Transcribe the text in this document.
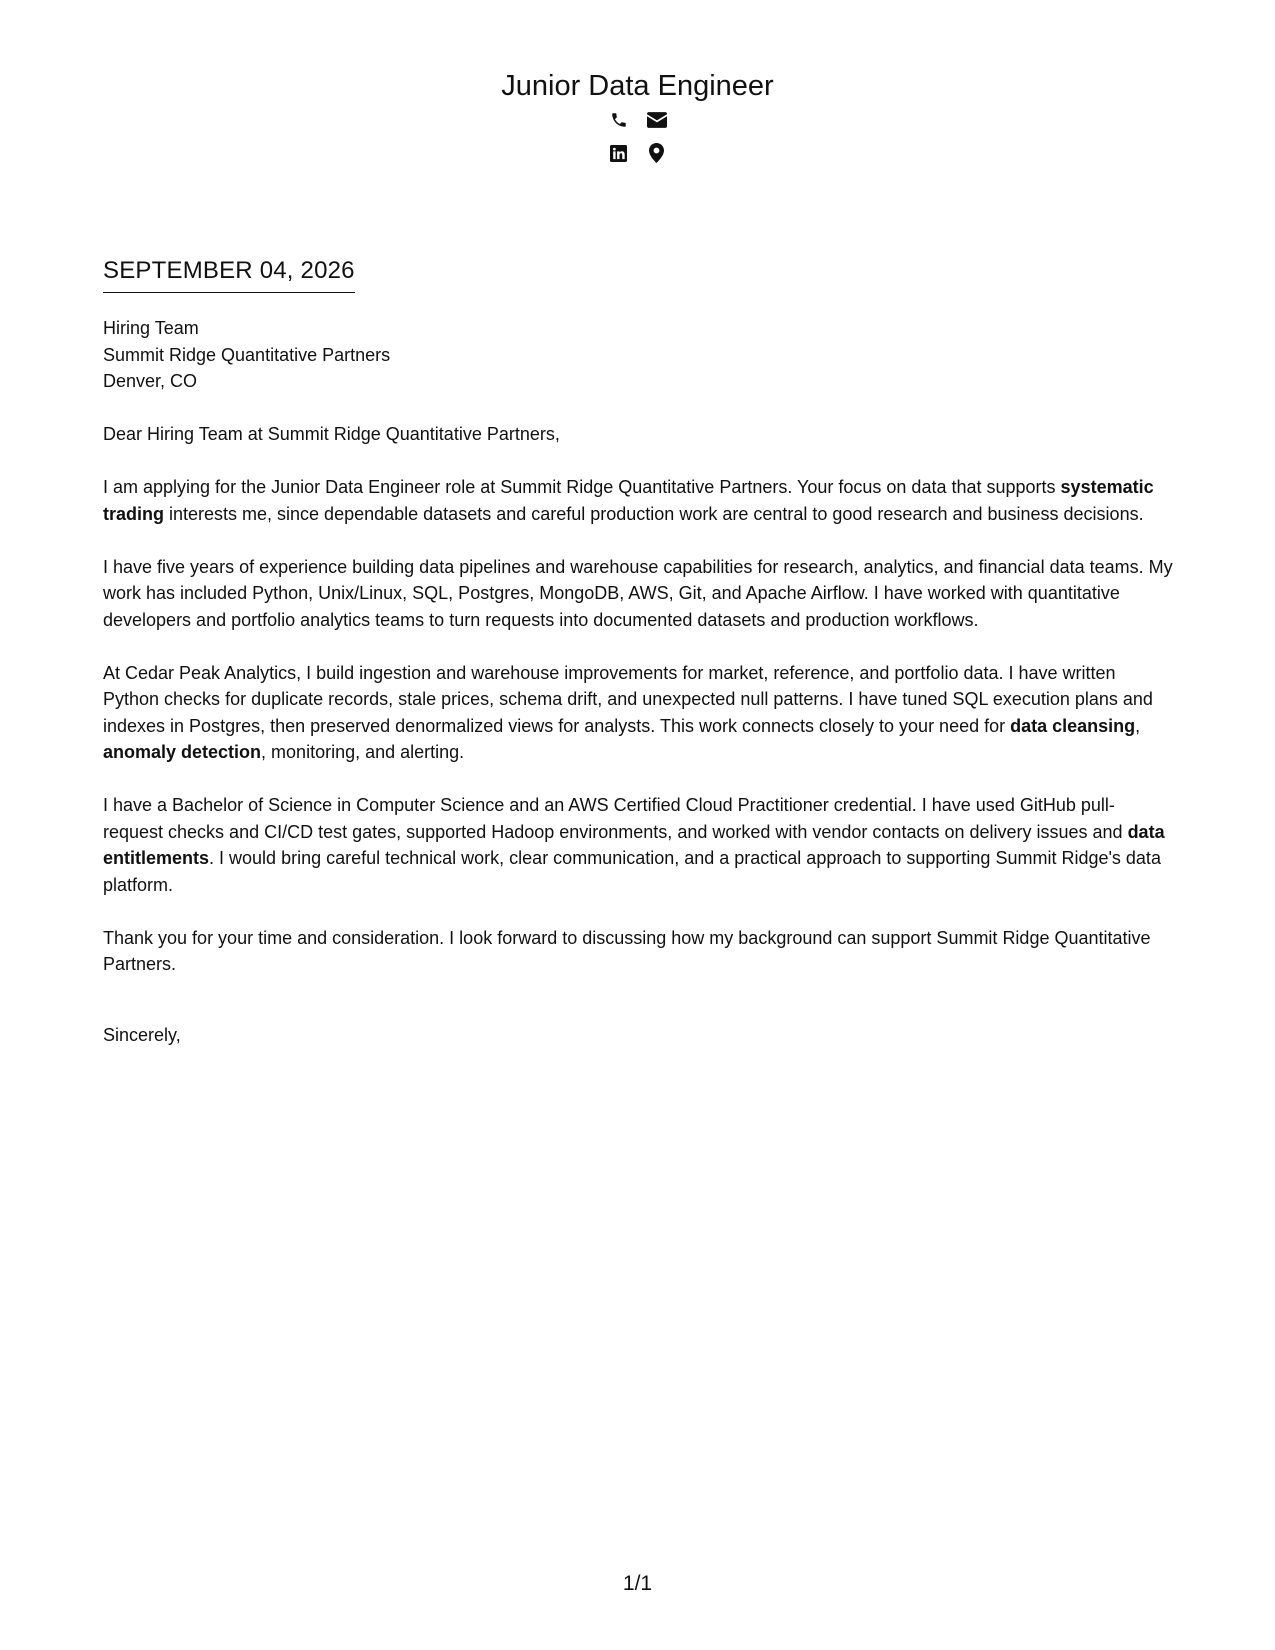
Junior Data Engineer
SEPTEMBER 04, 2026
Hiring Team
Summit Ridge Quantitative Partners
Denver, CO

Dear Hiring Team at Summit Ridge Quantitative Partners,

I am applying for the Junior Data Engineer role at Summit Ridge Quantitative Partners. Your focus on data that supports systematic trading interests me, since dependable datasets and careful production work are central to good research and business decisions.

I have five years of experience building data pipelines and warehouse capabilities for research, analytics, and financial data teams. My work has included Python, Unix/Linux, SQL, Postgres, MongoDB, AWS, Git, and Apache Airflow. I have worked with quantitative developers and portfolio analytics teams to turn requests into documented datasets and production workflows.

At Cedar Peak Analytics, I build ingestion and warehouse improvements for market, reference, and portfolio data. I have written Python checks for duplicate records, stale prices, schema drift, and unexpected null patterns. I have tuned SQL execution plans and indexes in Postgres, then preserved denormalized views for analysts. This work connects closely to your need for data cleansing, anomaly detection, monitoring, and alerting.

I have a Bachelor of Science in Computer Science and an AWS Certified Cloud Practitioner credential. I have used GitHub pull-request checks and CI/CD test gates, supported Hadoop environments, and worked with vendor contacts on delivery issues and data entitlements. I would bring careful technical work, clear communication, and a practical approach to supporting Summit Ridge's data platform.

Thank you for your time and consideration. I look forward to discussing how my background can support Summit Ridge Quantitative Partners.

Sincerely,
1/1
